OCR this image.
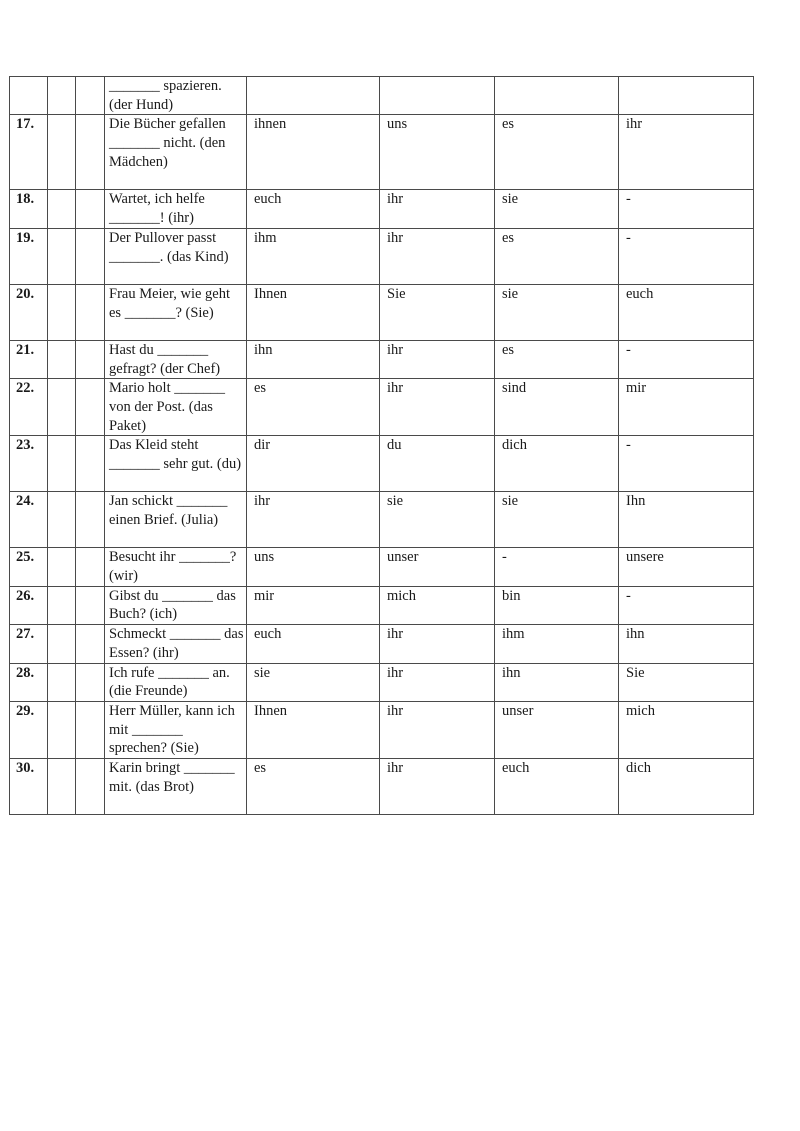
			_______ spazieren. (der Hund)				
17.			Die Bücher gefallen _______ nicht. (den Mädchen)	ihnen	uns	es	ihr
18.			Wartet, ich helfe _______! (ihr)	euch	ihr	sie	-
19.			Der Pullover passt _______. (das Kind)	ihm	ihr	es	-
20.			Frau Meier, wie geht es _______? (Sie)	Ihnen	Sie	sie	euch
21.			Hast du _______ gefragt? (der Chef)	ihn	ihr	es	-
22.			Mario holt _______ von der Post. (das Paket)	es	ihr	sind	mir
23.			Das Kleid steht _______ sehr gut. (du)	dir	du	dich	-
24.			Jan schickt _______ einen Brief. (Julia)	ihr	sie	sie	Ihn
25.			Besucht ihr _______? (wir)	uns	unser	-	unsere
26.			Gibst du _______ das Buch? (ich)	mir	mich	bin	-
27.			Schmeckt _______ das Essen? (ihr)	euch	ihr	ihm	ihn
28.			Ich rufe _______ an. (die Freunde)	sie	ihr	ihn	Sie
29.			Herr Müller, kann ich mit _______ sprechen? (Sie)	Ihnen	ihr	unser	mich
30.			Karin bringt _______ mit. (das Brot)	es	ihr	euch	dich
